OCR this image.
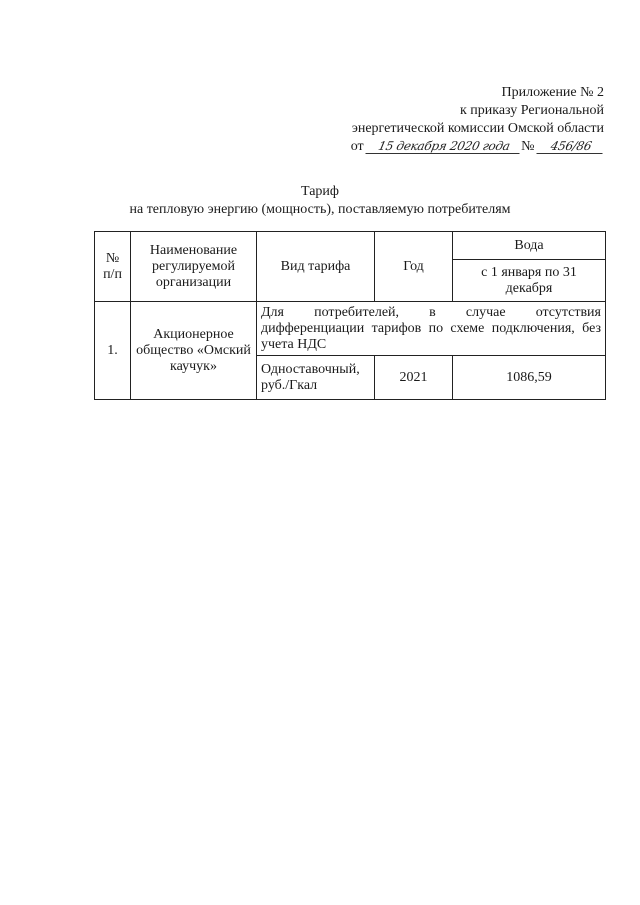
Приложение № 2
к приказу Региональной
энергетической комиссии Омской области
от 15 декабря 2020 года № 456/86
Тариф
на тепловую энергию (мощность), поставляемую потребителям
№ п/п	Наименование регулируемой организации	Вид тарифа	Год	Вода
				с 1 января по 31 декабря
1.	Акционерное общество «Омский каучук»	Для потребителей, в случае отсутствия дифференциации тарифов по схеме подключения, без учета НДС		
		Одноставочный, руб./Гкал	2021	1086,59
